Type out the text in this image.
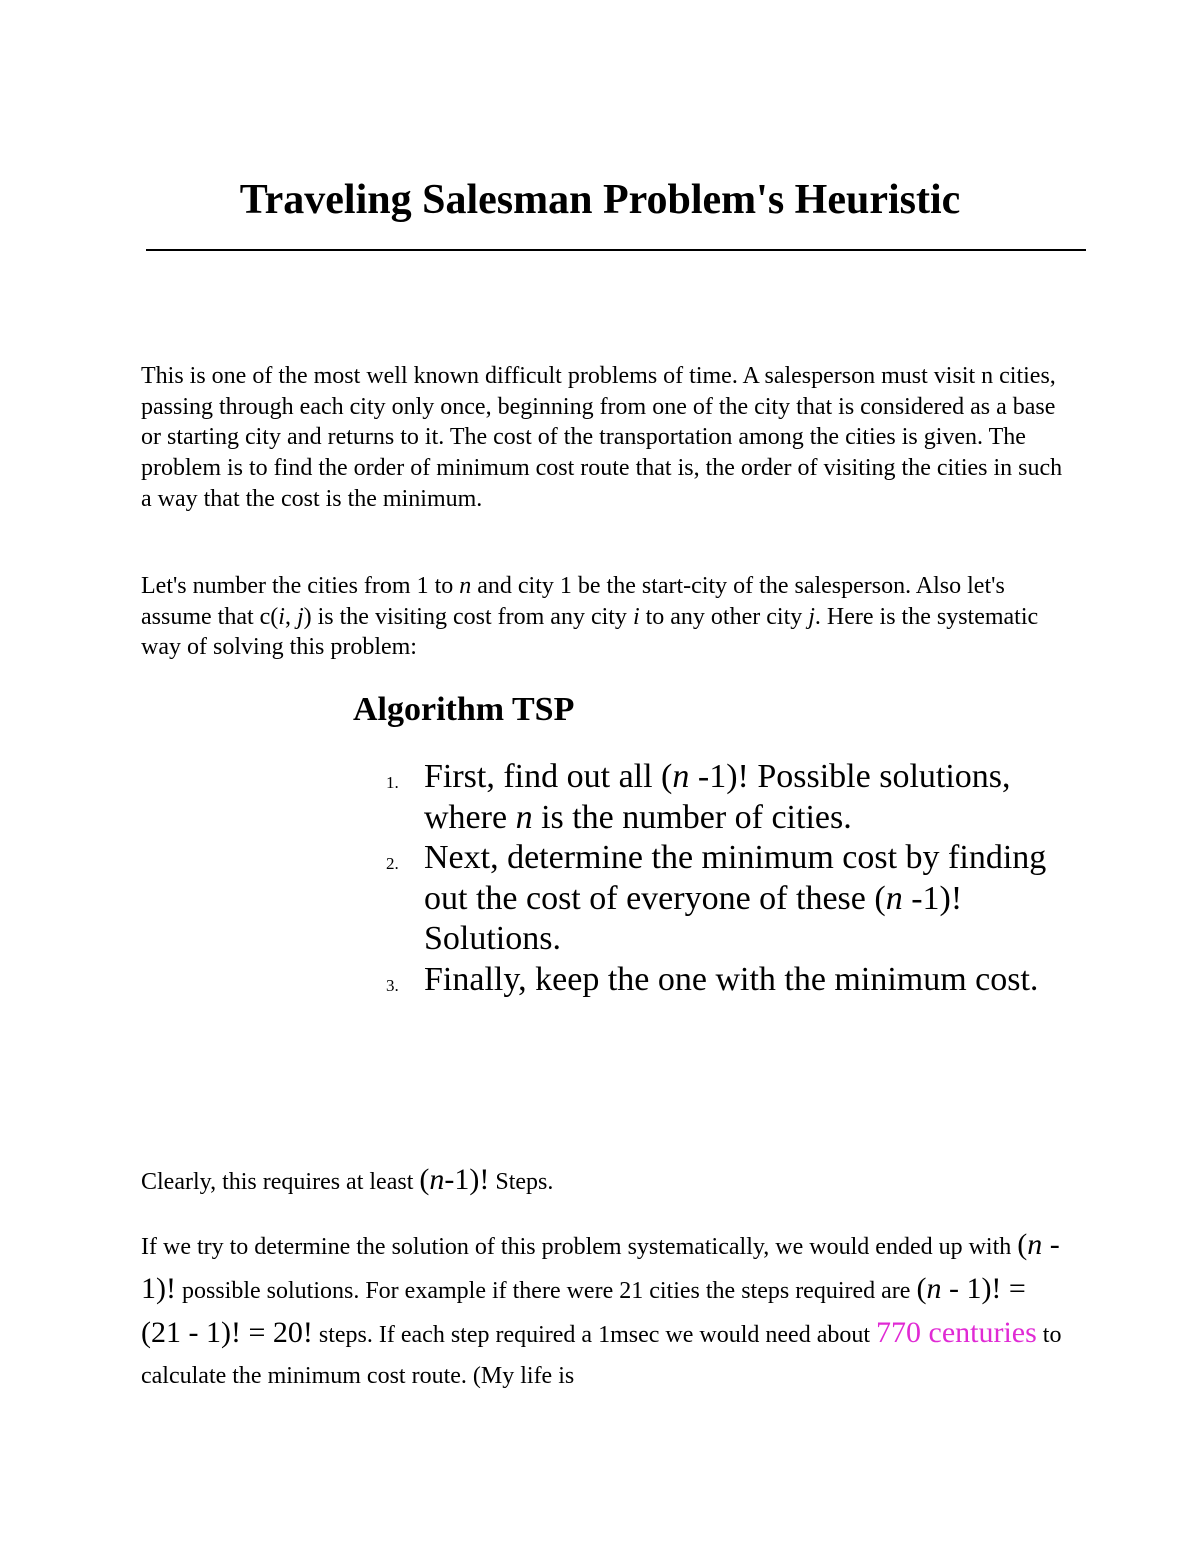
Traveling Salesman Problem's Heuristic

This is one of the most well known difficult problems of time. A salesperson must visit n cities, passing through each city only once, beginning from one of the city that is considered as a base or starting city and returns to it. The cost of the transportation among the cities is given. The problem is to find the order of minimum cost route that is, the order of visiting the cities in such a way that the cost is the minimum.

Let's number the cities from 1 to n and city 1 be the start-city of the salesperson. Also let's assume that c(i, j) is the visiting cost from any city i to any other city j. Here is the systematic way of solving this problem:

Algorithm TSP
1. First, find out all (n -1)! Possible solutions, where n is the number of cities.
2. Next, determine the minimum cost by finding out the cost of everyone of these (n -1)! Solutions.
3. Finally, keep the one with the minimum cost.

Clearly, this requires at least (n-1)! Steps.

If we try to determine the solution of this problem systematically, we would ended up with (n - 1)! possible solutions. For example if there were 21 cities the steps required are (n - 1)! = (21 - 1)! = 20! steps. If each step required a 1msec we would need about 770 centuries to calculate the minimum cost route. (My life is
